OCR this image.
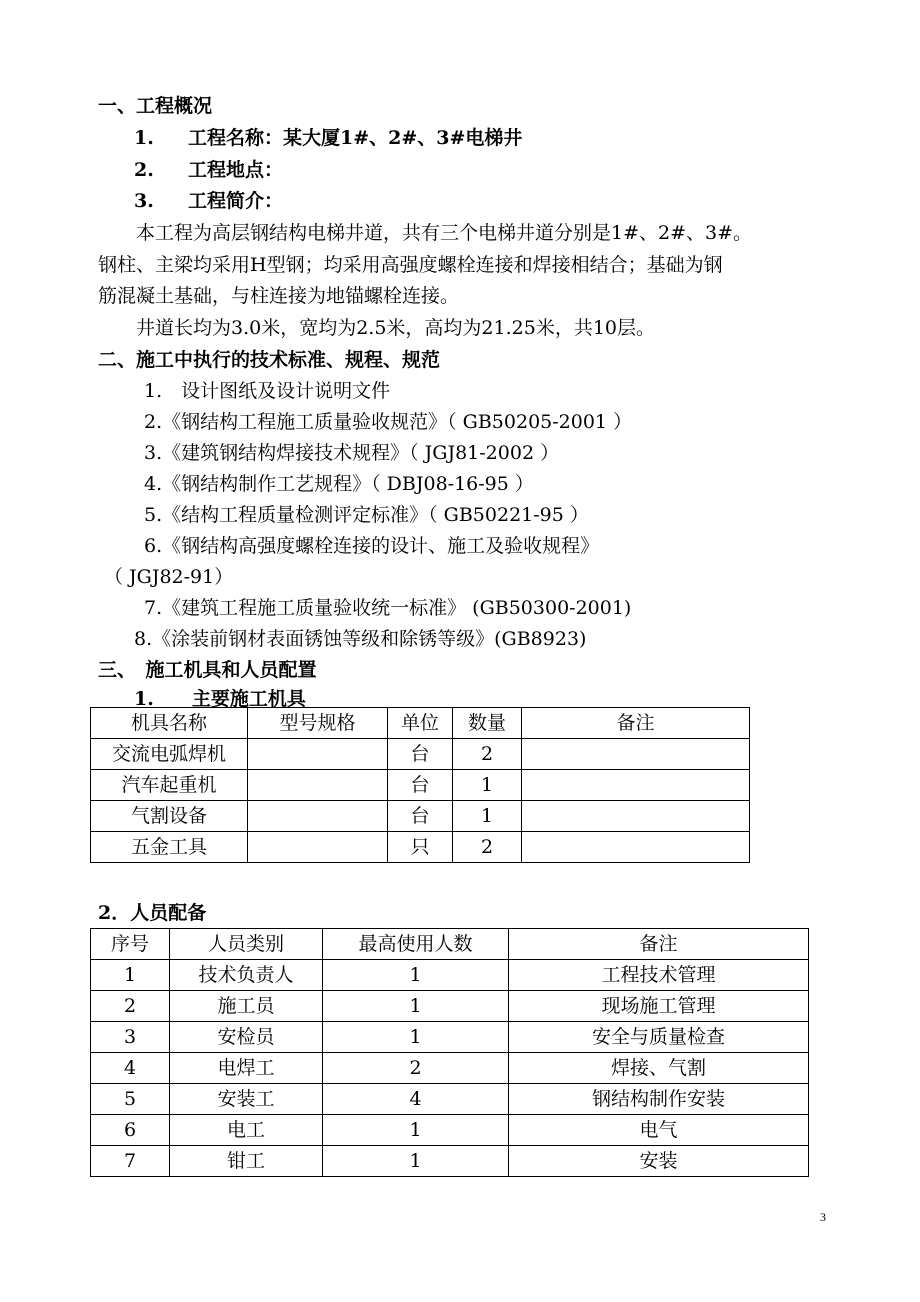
一、工程概况
1. 工程名称：某大厦1#、2#、3#电梯井
2. 工程地点：
3. 工程简介：
本工程为高层钢结构电梯井道，共有三个电梯井道分别是1#、2#、3#。
钢柱、主梁均采用H型钢；均采用高强度螺栓连接和焊接相结合；基础为钢
筋混凝土基础，与柱连接为地锚螺栓连接。
井道长均为3.0米，宽均为2.5米，高均为21.25米，共10层。
二、施工中执行的技术标准、规程、规范
1.　设计图纸及设计说明文件
2.《钢结构工程施工质量验收规范》（ GB50205-2001 ）
3.《建筑钢结构焊接技术规程》（ JGJ81-2002 ）
4.《钢结构制作工艺规程》（ DBJ08-16-95 ）
5.《结构工程质量检测评定标准》（ GB50221-95 ）
6.《钢结构高强度螺栓连接的设计、施工及验收规程》
（ JGJ82-91）
7.《建筑工程施工质量验收统一标准》 (GB50300-2001)
8.《涂装前钢材表面锈蚀等级和除锈等级》(GB8923)
三、　施工机具和人员配置
1.　　主要施工机具
机具名称	型号规格	单位	数量	备注
交流电弧焊机		台	2	
汽车起重机		台	1	
气割设备		台	1	
五金工具		只	2	
2．人员配备
序号	人员类别	最高使用人数	备注
1	技术负责人	1	工程技术管理
2	施工员	1	现场施工管理
3	安检员	1	安全与质量检查
4	电焊工	2	焊接、气割
5	安装工	4	钢结构制作安装
6	电工	1	电气
7	钳工	1	安装
3
